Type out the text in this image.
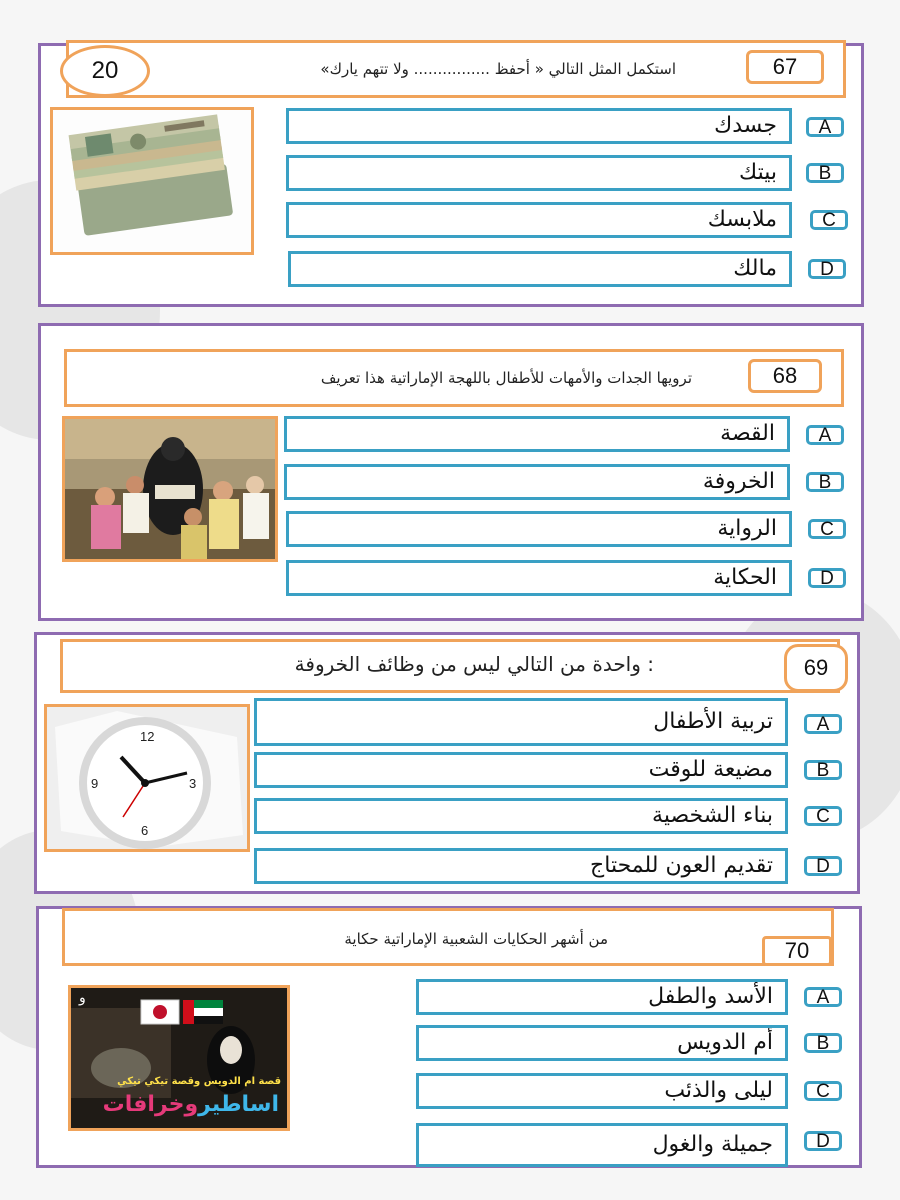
20	استكمل المثل التالي « أحفظ ................ ولا تتهم يارك»	67
جسدك	A
بيتك	B
ملابسك	C
مالك	D
ترويها الجدات والأمهات للأطفال باللهجة الإماراتية هذا تعريف	68
القصة	A
الخروفة	B
الرواية	C
الحكاية	D
: واحدة من التالي ليس من وظائف الخروفة	69
12
3
6
9
تربية الأطفال	A
مضيعة للوقت	B
بناء الشخصية	C
تقديم العون للمحتاج	D
من أشهر الحكايات الشعبية الإماراتية حكاية	70
و
قصة ام الدويس وقصة تيكي تيكي
اساطيروخرافات
الأسد والطفل	A
أم الدويس	B
ليلى والذئب	C
جميلة والغول	D
